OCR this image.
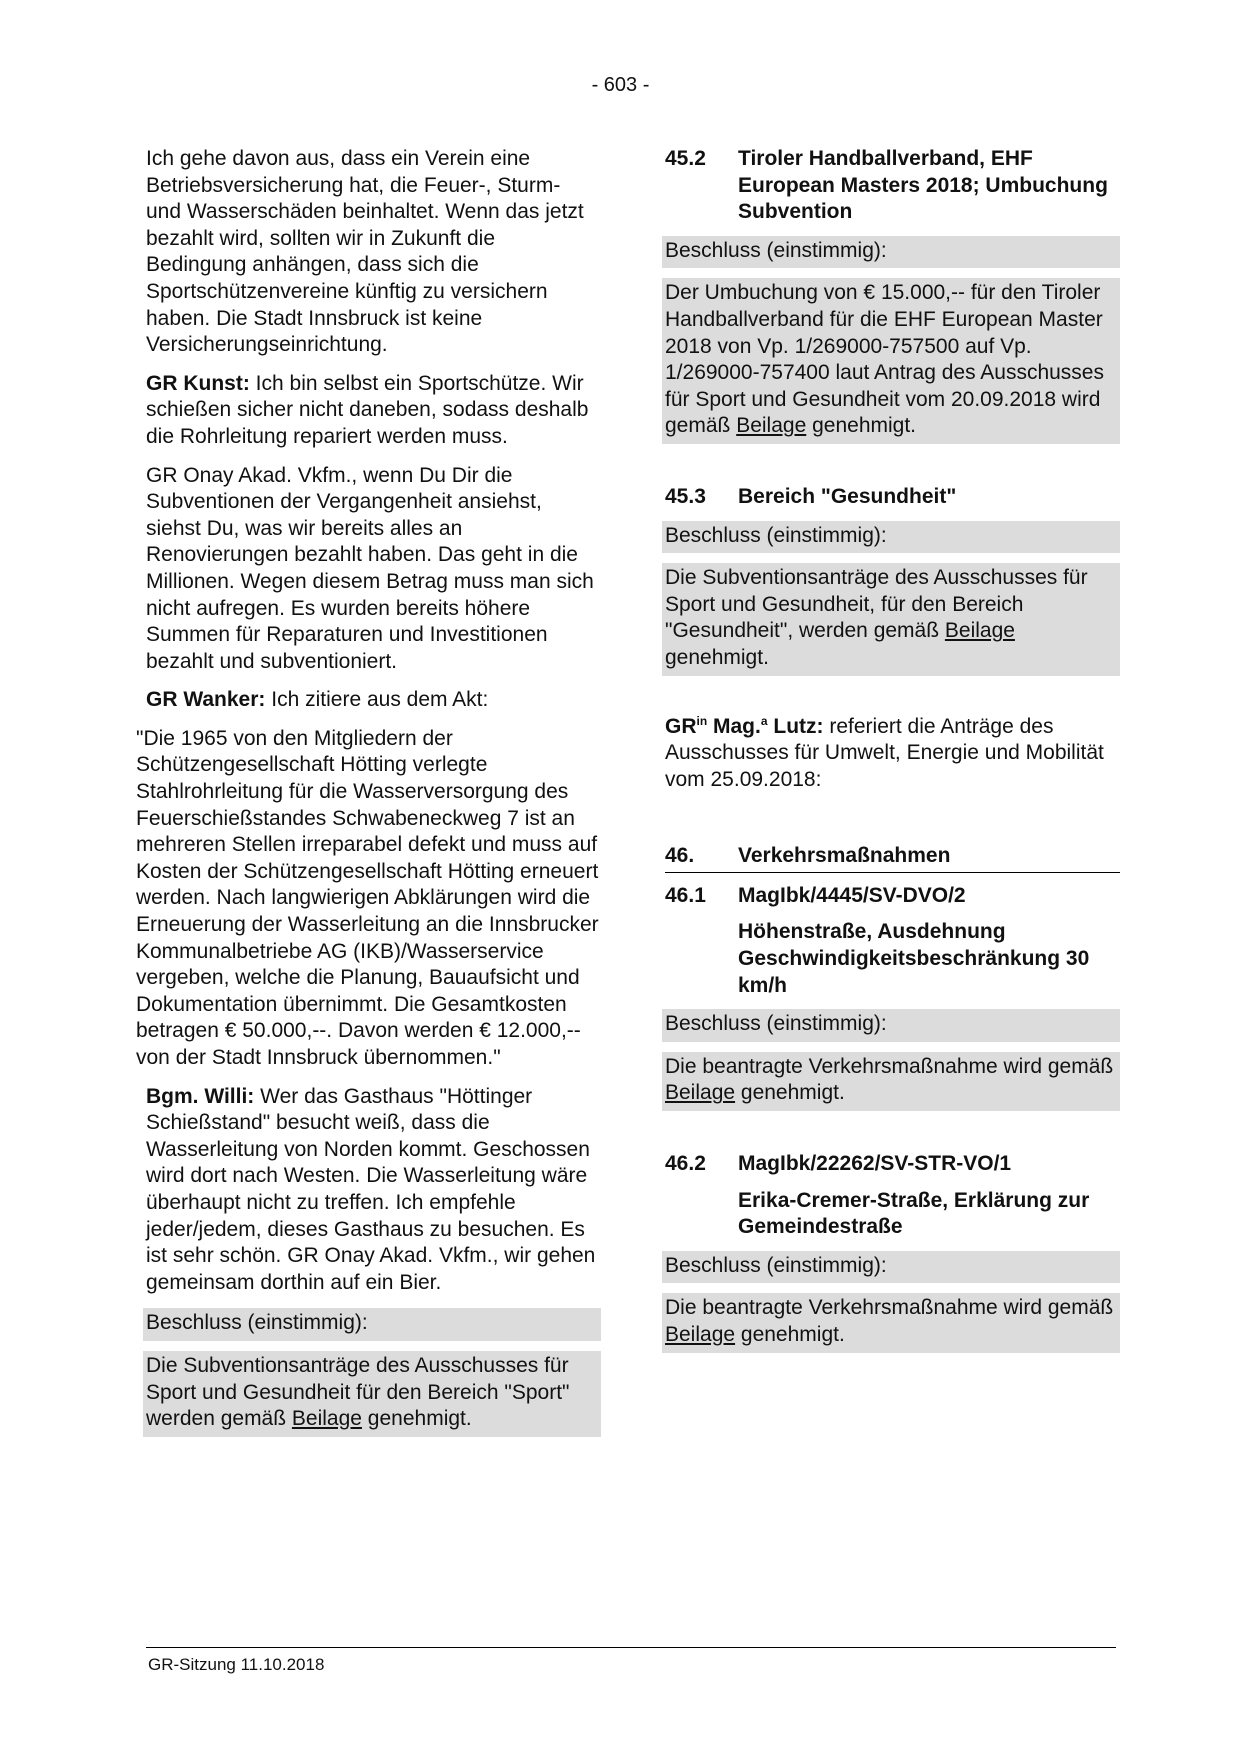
- 603 -

Ich gehe davon aus, dass ein Verein eine Betriebsversicherung hat, die Feuer-, Sturm- und Wasserschäden beinhaltet. Wenn das jetzt bezahlt wird, sollten wir in Zukunft die Bedingung anhängen, dass sich die Sportschützenvereine künftig zu versichern haben. Die Stadt Innsbruck ist keine Versicherungseinrichtung.

GR Kunst: Ich bin selbst ein Sportschütze. Wir schießen sicher nicht daneben, sodass deshalb die Rohrleitung repariert werden muss.

GR Onay Akad. Vkfm., wenn Du Dir die Subventionen der Vergangenheit ansiehst, siehst Du, was wir bereits alles an Renovierungen bezahlt haben. Das geht in die Millionen. Wegen diesem Betrag muss man sich nicht aufregen. Es wurden bereits höhere Summen für Reparaturen und Investitionen bezahlt und subventioniert.

GR Wanker: Ich zitiere aus dem Akt:

"Die 1965 von den Mitgliedern der Schützengesellschaft Hötting verlegte Stahlrohrleitung für die Wasserversorgung des Feuerschießstandes Schwabeneckweg 7 ist an mehreren Stellen irreparabel defekt und muss auf Kosten der Schützengesellschaft Hötting erneuert werden. Nach langwierigen Abklärungen wird die Erneuerung der Wasserleitung an die Innsbrucker Kommunalbetriebe AG (IKB)/Wasserservice vergeben, welche die Planung, Bauaufsicht und Dokumentation übernimmt. Die Gesamtkosten betragen € 50.000,--. Davon werden € 12.000,-- von der Stadt Innsbruck übernommen."

Bgm. Willi: Wer das Gasthaus "Höttinger Schießstand" besucht weiß, dass die Wasserleitung von Norden kommt. Geschossen wird dort nach Westen. Die Wasserleitung wäre überhaupt nicht zu treffen. Ich empfehle jeder/jedem, dieses Gasthaus zu besuchen. Es ist sehr schön. GR Onay Akad. Vkfm., wir gehen gemeinsam dorthin auf ein Bier.

Beschluss (einstimmig):

Die Subventionsanträge des Ausschusses für Sport und Gesundheit für den Bereich "Sport" werden gemäß Beilage genehmigt.

45.2	Tiroler Handballverband, EHF European Masters 2018; Umbuchung Subvention

Beschluss (einstimmig):

Der Umbuchung von € 15.000,-- für den Tiroler Handballverband für die EHF European Master 2018 von Vp. 1/269000-757500 auf Vp. 1/269000-757400 laut Antrag des Ausschusses für Sport und Gesundheit vom 20.09.2018 wird gemäß Beilage genehmigt.

45.3	Bereich "Gesundheit"

Beschluss (einstimmig):

Die Subventionsanträge des Ausschusses für Sport und Gesundheit, für den Bereich "Gesundheit", werden gemäß Beilage genehmigt.

$GR^{in}$ Mag.$^a$ Lutz: referiert die Anträge des Ausschusses für Umwelt, Energie und Mobilität vom 25.09.2018:

46.	Verkehrsmaßnahmen
46.1	MagIbk/4445/SV-DVO/2
Höhenstraße, Ausdehnung Geschwindigkeitsbeschränkung 30 km/h

Beschluss (einstimmig):

Die beantragte Verkehrsmaßnahme wird gemäß Beilage genehmigt.

46.2	MagIbk/22262/SV-STR-VO/1
Erika-Cremer-Straße, Erklärung zur Gemeindestraße

Beschluss (einstimmig):

Die beantragte Verkehrsmaßnahme wird gemäß Beilage genehmigt.

GR-Sitzung 11.10.2018
